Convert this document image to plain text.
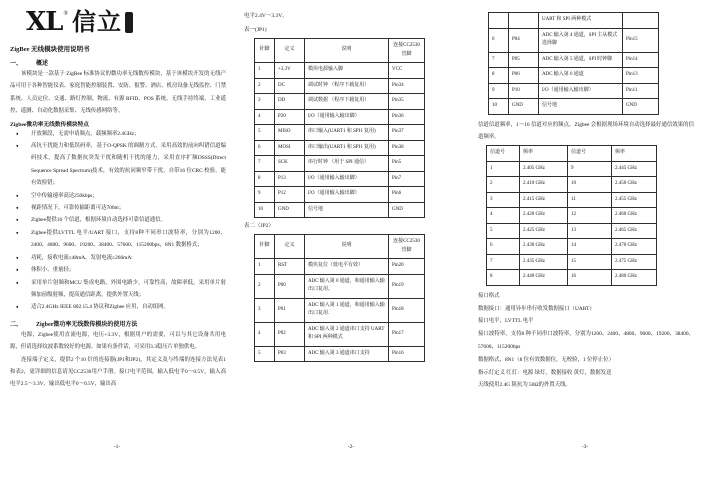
XL ® 信立
ZigBee 无线模块使用说明书
一、 概述
该模块是一款基于 ZigBee 标准协议的微功率无线数传模块，基于该模块开发的无线产品可用于各种智能仪表、家庭智能控制装置、安防、报警、酒店、机房设备无线监控、门禁系统、人员定位、交通、路灯控制、物流、有源 RFID、POS 系统、无线手持终端、工业遥控、遥测、自动化数据采集、无线传感网络等。
Zigbee微功率无线数传模块特点
●	开放频段，无需申请频点，载频频率2.4GHz；
●	高抗干扰能力和低误码率，基于O-QPSK 的调制方式，采用高效的前向纠错信道编码技术，提高了数据抗突发干扰和随机干扰的能力，采用直序扩频DSSS(Direct Sequence Spread Spectrum)技术，有效的抗同频窄带干扰，自带16 位CRC 校验，能有效检错；
●	空中传输速率高达250kbps；
●	视距情况下，可靠传输距离可达700m；
●	Zigbee提供16 个信道，根据环境自动选择可靠信道通信。
●	Zigbee提供LVTTL 电平/UART 接口，支持8种不同串口波特率，分别为1200、2400、4800、9600、19200、38400、57600、115200bps，8N1 数据格式；
●	功耗，接收电流≤48mA，发射电流≤266mA:
●	体积小、重量轻；
●	采用单片射频和MCU 集成电路，外围电路少，可靠性高，故障率低，采用单片射频加前级射频，提高通信距离，提供外置天线；
●	适合2.4GHz IEEE 802.15.4 协议和Zigbee 应用，自动组网。
二、 Zigbee微功率无线数传模块的使用方法
电源，Zigbee使用直流电源，电压+3.3V，根据用户的需要，可以与其它设备共用电源，但请选择纹波系数较好的电源。如果有条件话，可采用3.3稳压片单独供电。
连接端子定义，提供2 个10 针的连接器(JP1和JP2)，其定义及与终端的连接方法见表1和表2，更详细的信息请见CC2530用户手册。接口电平范围，输入低电平0～0.5V，输入高电平2.5～3.3V，输出低电平0～0.5V，输出高
-1-
电平2.4V～3.3V。
表一(JP1)
针脚	定义	说明	连接CC2530管脚
1	+3.3V	模块电源输入脚	VCC
2	DC	调试时钟 （程序下载复用）	Pin34
3	DD	调试数据 （程序下载复用）	Pin35
4	P20	I/O（通用输入输出脚）	Pin36
5	MISO	串口输入(UART1 和 SPI1 复用)	Pin37
6	MOSI	串口输出(UART1 和 SPI1 复用)	Pin38
7	SCK	串行时钟 （用于 SPI 通信）	Pin5
8	P13	I/O（通用输入输出脚）	Pin7
9	P12	I/O（通用输入输出脚）	Pin6
10	GND	信号地	GND
表二（JP2）
针脚	定义	说明	连接CC2530管脚
1	RST	模块复位（低电平有效）	Pin20
2	P00	ADC 输入第 0 通道，和通用输入输出口复用。	Pin19
3	P01	ADC 输入第 1 通道，和通用输入输出口复用.	Pin18
4	P02	ADC 输入第 2 通道串口支持 UART 和 SPI 两种模式	Pin17
5	P03	ADC 输入第 3 通道串口支持	Pin16
-2-
		UART 和 SPI 两种模式	
6	P04	ADC 输入第 4 通道，SPI 主从模式选择脚	Pin15
7	P05	ADC 输入第 5 通道，SPI 时钟脚	Pin14
8	P06	ADC 输入第 6 通道	Pin13
9	P10	I/O（通用输入输出脚）	Pin11
10	GND	信号地	GND
信道信道频率，1～16 信道对应的频点。Zigbee 会根据现场环境自动选择最好通信效果的信道频率。
信道号	频率	信道号	频率
1	2.405 GHz	9	2.445 GHz
2	2.410 GHz	10	2.450 GHz
3	2.415 GHz	11	2.455 GHz
4	2.420 GHz	12	2.460 GHz
5	2.425 GHz	13	2.465 GHz
6	2.430 GHz	14	2.470 GHz
7	2.435 GHz	15	2.475 GHz
8	2.440 GHz	16	2.480 GHz
接口格式
数据接口：通用异步串行收发数据接口（UART）
接口电平，LVTTL 电平
接口波特率，支持8 种不同串口波特率，分别为1200、2400、4800、9600、19200、38400、57600、115200bps
数据格式，8N1（8 位有效数据位，无校验，1 位停止位）
指示灯定义 红灯：电源 绿灯，数据接收 黄灯，数据发送
天线使用2.4G 阻抗为 50Ω的外置天线。
-3-
